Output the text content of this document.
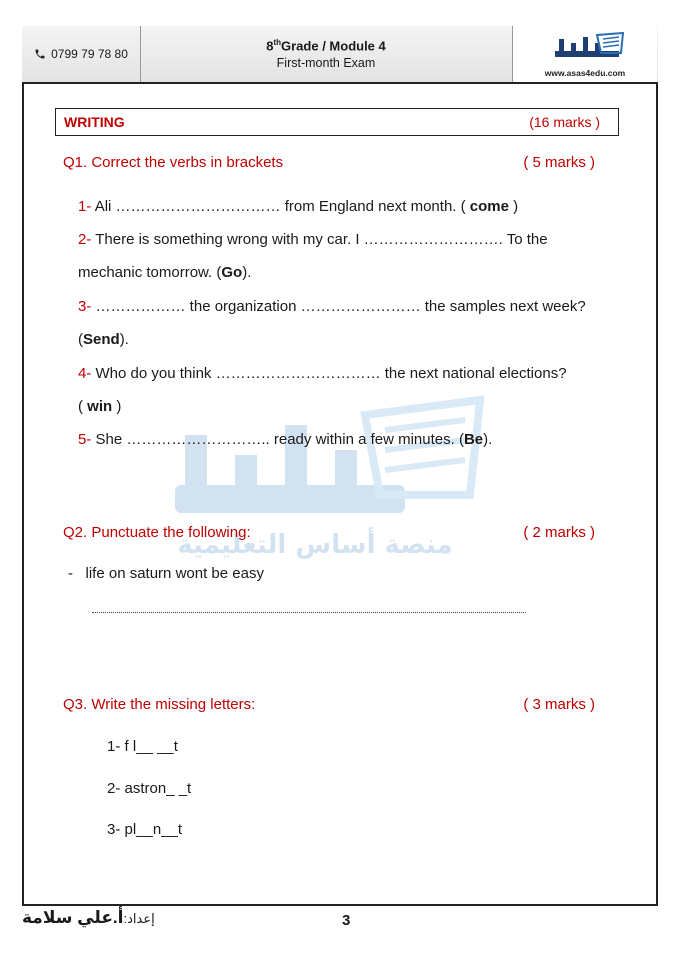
0799 79 78 80
8thGrade / Module 4
First-month Exam
www.asas4edu.com
منصة أساس التعليمية
WRITING	(16 marks )
Q1. Correct the verbs in brackets	( 5 marks )
1- Ali …………………………… from England next month. ( come )
2- There is something wrong with my car. I ………………………. To the
mechanic tomorrow. (Go).
3- ……………… the organization …………………… the samples next week?
(Send).
4- Who do you think …………………………… the next national elections?
( win )
5- She ……………………….. ready within a few minutes. (Be).
Q2. Punctuate the following:	( 2 marks )
- life on saturn wont be easy
Q3. Write the missing letters:	( 3 marks )
1- f l__ __t
2- astron_ _t
3- pl__n__t
إعداد:أ.علي سلامة	3
